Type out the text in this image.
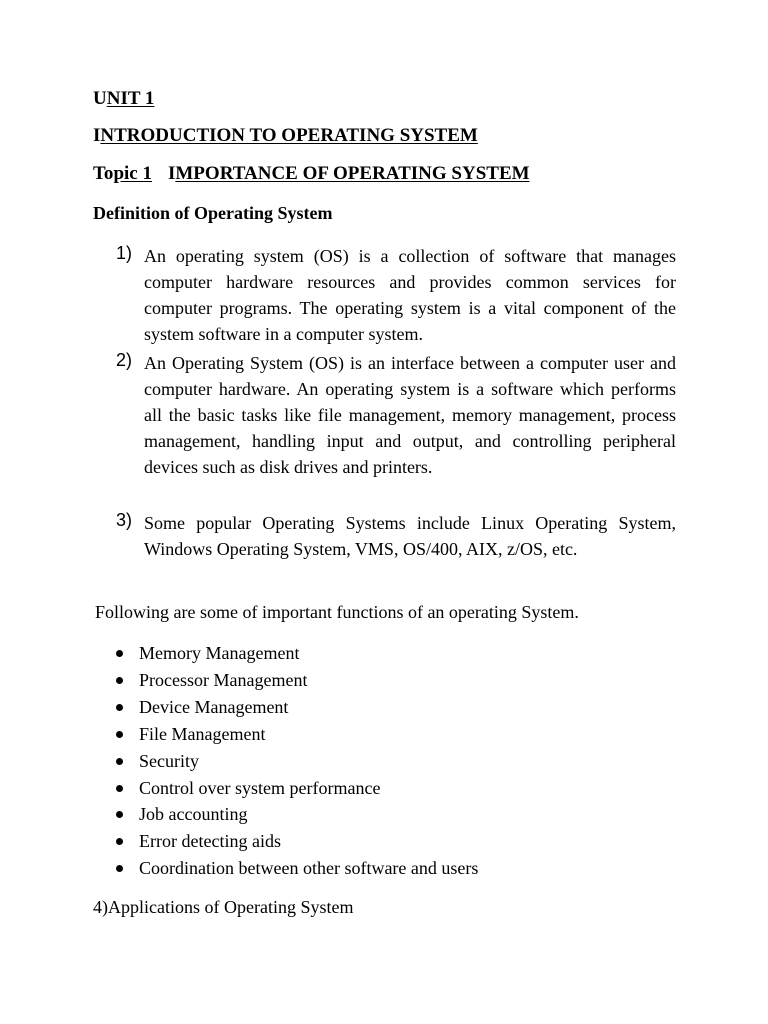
UNIT 1
INTRODUCTION TO OPERATING SYSTEM
Topic 1 IMPORTANCE OF OPERATING SYSTEM
Definition of Operating System
1) An operating system (OS) is a collection of software that manages computer hardware resources and provides common services for computer programs. The operating system is a vital component of the system software in a computer system.
2) An Operating System (OS) is an interface between a computer user and computer hardware. An operating system is a software which performs all the basic tasks like file management, memory management, process management, handling input and output, and controlling peripheral devices such as disk drives and printers.
3) Some popular Operating Systems include Linux Operating System, Windows Operating System, VMS, OS/400, AIX, z/OS, etc.
Following are some of important functions of an operating System.
Memory Management
Processor Management
Device Management
File Management
Security
Control over system performance
Job accounting
Error detecting aids
Coordination between other software and users
4)Applications of Operating System
